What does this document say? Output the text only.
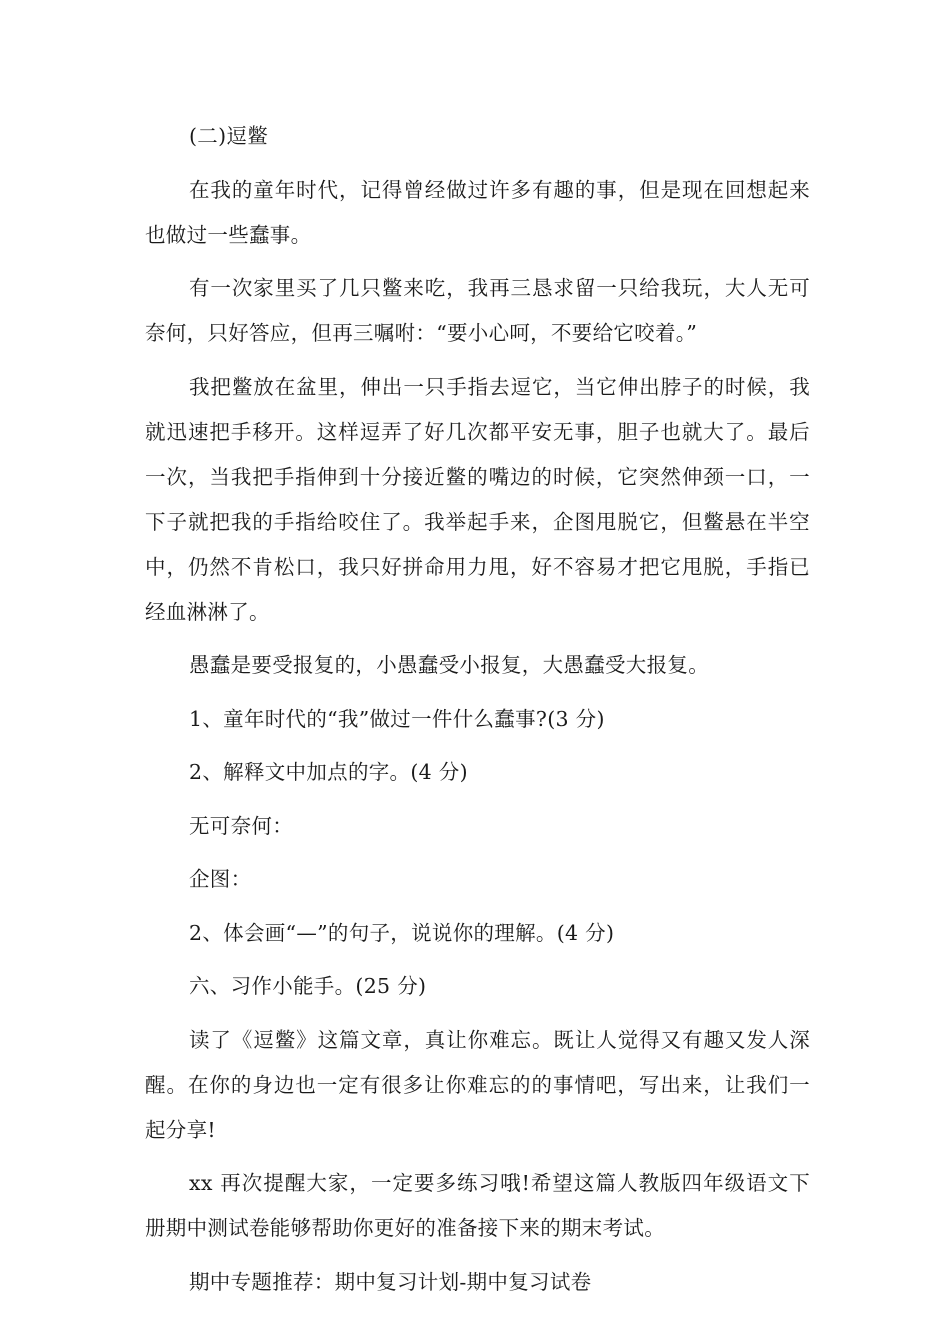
(二)逗鳖

在我的童年时代，记得曾经做过许多有趣的事，但是现在回想起来也做过一些蠢事。

有一次家里买了几只鳖来吃，我再三恳求留一只给我玩，大人无可奈何，只好答应，但再三嘱咐：“要小心呵，不要给它咬着。”

我把鳖放在盆里，伸出一只手指去逗它，当它伸出脖子的时候，我就迅速把手移开。这样逗弄了好几次都平安无事，胆子也就大了。最后一次，当我把手指伸到十分接近鳖的嘴边的时候，它突然伸颈一口，一下子就把我的手指给咬住了。我举起手来，企图甩脱它，但鳖悬在半空中，仍然不肯松口，我只好拼命用力甩，好不容易才把它甩脱，手指已经血淋淋了。

愚蠢是要受报复的，小愚蠢受小报复，大愚蠢受大报复。

1、童年时代的“我”做过一件什么蠢事?(3 分)

2、解释文中加点的字。(4 分)

无可奈何：

企图：

2、体会画“—”的句子，说说你的理解。(4 分)

六、习作小能手。(25 分)

读了《逗鳖》这篇文章，真让你难忘。既让人觉得又有趣又发人深醒。在你的身边也一定有很多让你难忘的的事情吧，写出来，让我们一起分享!

xx 再次提醒大家，一定要多练习哦!希望这篇人教版四年级语文下册期中测试卷能够帮助你更好的准备接下来的期末考试。

期中专题推荐：期中复习计划-期中复习试卷
